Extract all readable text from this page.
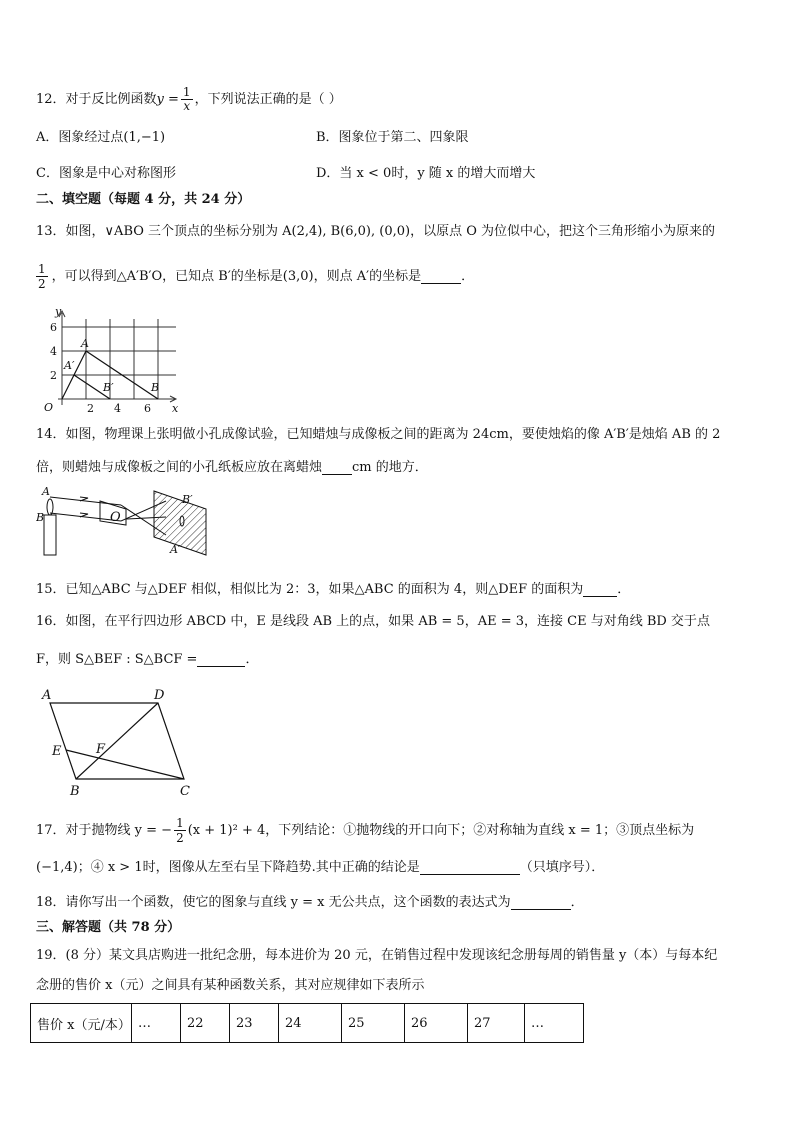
12．对于反比例函数$y = \frac{1}{x}$ ，下列说法正确的是（ ）
A．图象经过点(1,−1)	B．图象位于第二、四象限
C．图象是中心对称图形	D．当 x < 0时，y 随 x 的增大而增大
二、填空题（每题 4 分，共 24 分）
13．如图，∨ABO 三个顶点的坐标分别为 A(2,4), B(6,0), (0,0)，以原点 O 为位似中心，把这个三角形缩小为原来的
$\frac{1}{2}$ ，可以得到△A′B′O，已知点 B′的坐标是(3,0)，则点 A′的坐标是	．
y
x
O
A
A′
B′	B
6
4
2
2 4 6
14．如图，物理课上张明做小孔成像试验，已知蜡烛与成像板之间的距离为 24cm，要使烛焰的像 A′B′是烛焰 AB 的 2
倍，则蜡烛与成像板之间的小孔纸板应放在离蜡烛 cm 的地方．
A
B	O
B′
A′
15．已知△ABC 与△DEF 相似，相似比为 2：3，如果△ABC 的面积为 4，则△DEF 的面积为	．
16．如图，在平行四边形 ABCD 中，E 是线段 AB 上的点，如果 AB = 5，AE = 3，连接 CE 与对角线 BD 交于点
F，则 S△BEF : S△BCF =	．
A	D
E	F
B	C
17．对于抛物线 y = − $\frac{1}{2} (x + 1)^2 + 4$，下列结论：①抛物线的开口向下；②对称轴为直线 x = 1；③顶点坐标为
(−1,4)；④ x > 1时，图像从左至右呈下降趋势.其中正确的结论是	（只填序号）．
18．请你写出一个函数，使它的图象与直线 y = x 无公共点，这个函数的表达式为	．
三、解答题（共 78 分）
19．(8 分）某文具店购进一批纪念册，每本进价为 20 元，在销售过程中发现该纪念册每周的销售量 y（本）与每本纪
念册的售价 x（元）之间具有某种函数关系，其对应规律如下表所示
售价 x（元/本）	…	22	23	24	25	26	27	…
